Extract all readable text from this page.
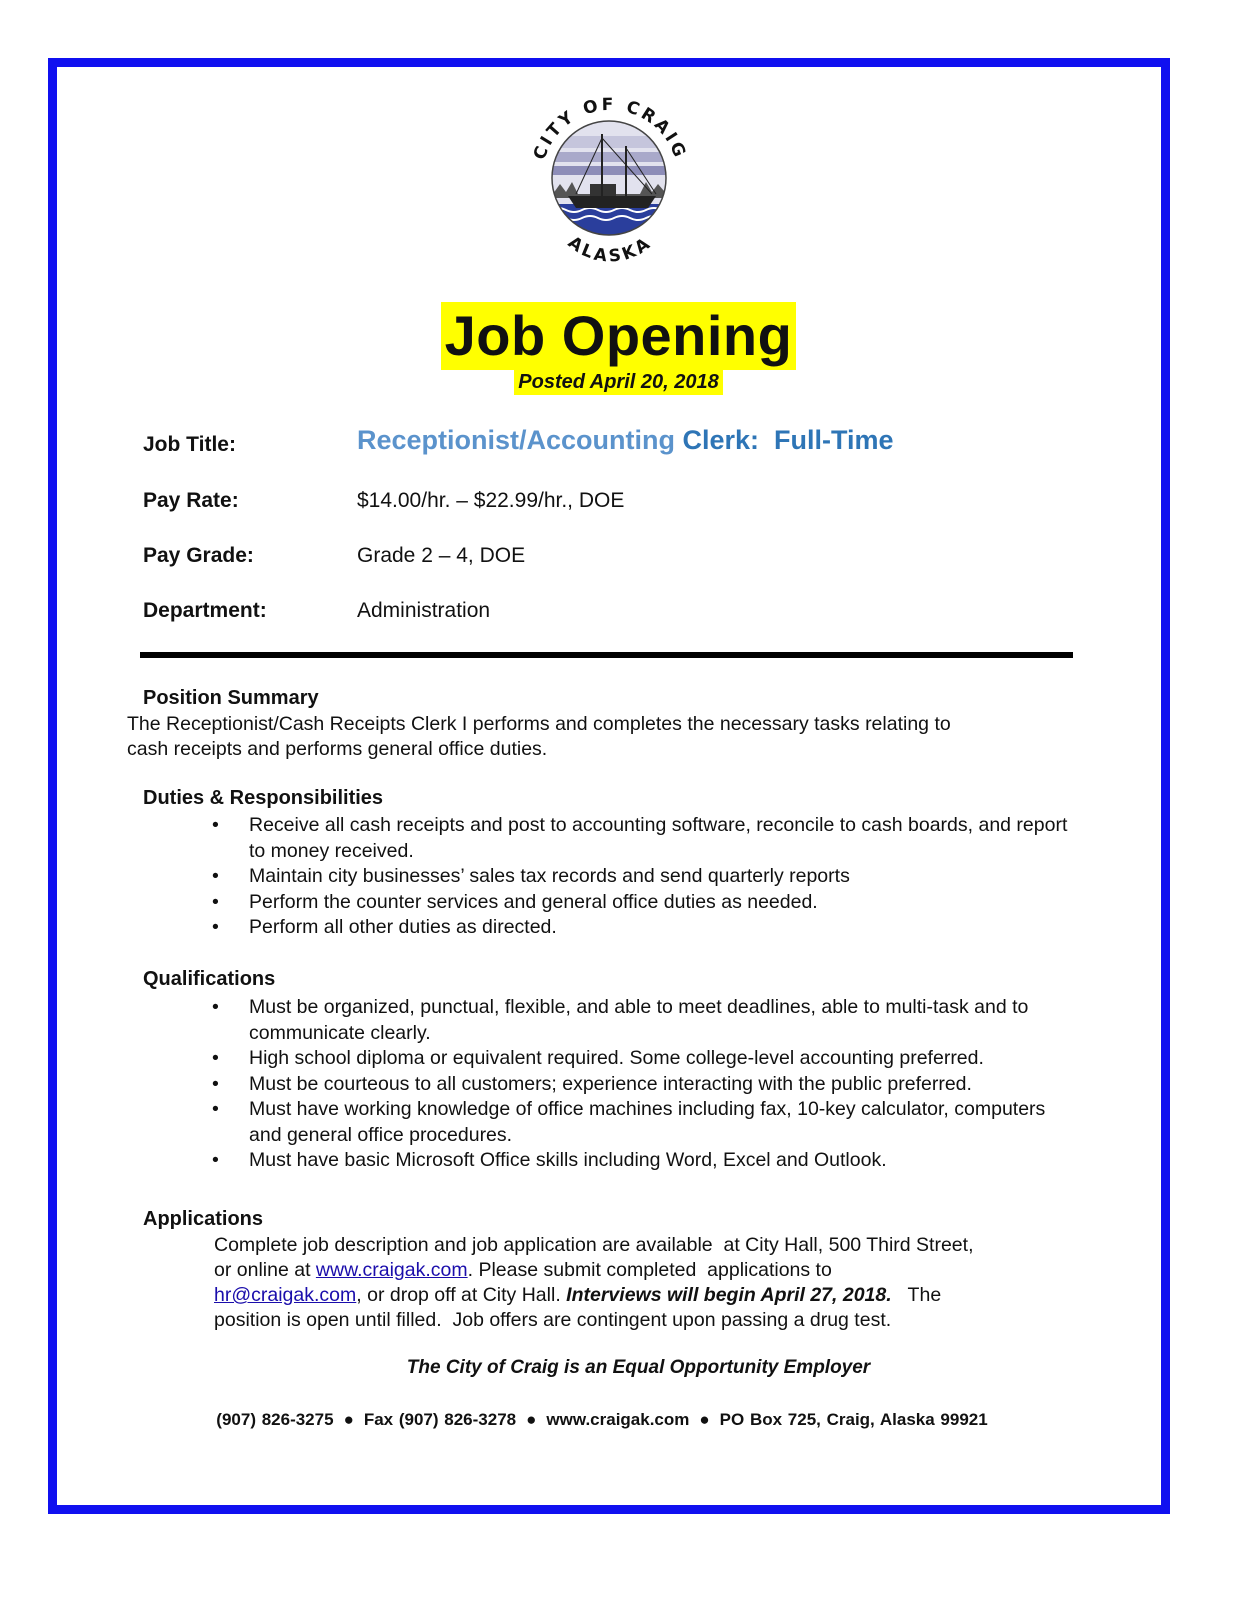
CITY OF CRAIG
ALASKA
Job Opening
Posted April 20, 2018
Job Title:	Receptionist/Accounting Clerk:  Full-Time
Pay Rate:	$14.00/hr. – $22.99/hr., DOE
Pay Grade:	Grade 2 – 4, DOE
Department:	Administration
Position Summary
The Receptionist/Cash Receipts Clerk I performs and completes the necessary tasks relating to
cash receipts and performs general office duties.
Duties & Responsibilities
• Receive all cash receipts and post to accounting software, reconcile to cash boards, and report to money received.
• Maintain city businesses’ sales tax records and send quarterly reports
• Perform the counter services and general office duties as needed.
• Perform all other duties as directed.
Qualifications
• Must be organized, punctual, flexible, and able to meet deadlines, able to multi-task and to communicate clearly.
• High school diploma or equivalent required. Some college-level accounting preferred.
• Must be courteous to all customers; experience interacting with the public preferred.
• Must have working knowledge of office machines including fax, 10-key calculator, computers and general office procedures.
• Must have basic Microsoft Office skills including Word, Excel and Outlook.
Applications
Complete job description and job application are available  at City Hall, 500 Third Street,
or online at www.craigak.com. Please submit completed  applications to
hr@craigak.com, or drop off at City Hall. Interviews will begin April 27, 2018.   The
position is open until filled.  Job offers are contingent upon passing a drug test.
The City of Craig is an Equal Opportunity Employer
(907) 826-3275 ● Fax (907) 826-3278 ● www.craigak.com ● PO Box 725, Craig, Alaska 99921
